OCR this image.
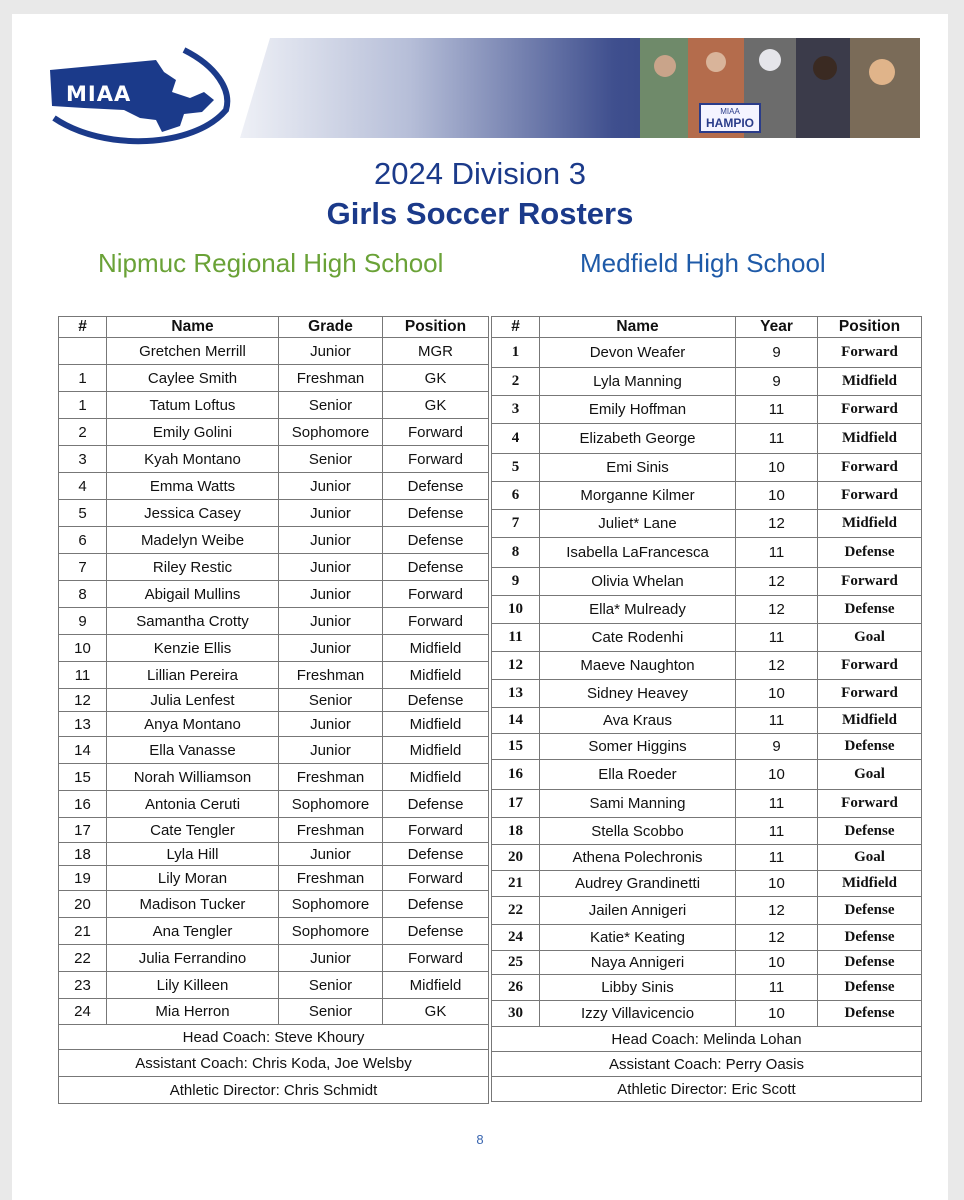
MIAA
MIAA
HAMPIO
2024 Division 3
Girls Soccer Rosters
Nipmuc Regional High School	Medfield High School
#	Name	Grade	Position
	Gretchen Merrill	Junior	MGR
1	Caylee Smith	Freshman	GK
1	Tatum Loftus	Senior	GK
2	Emily Golini	Sophomore	Forward
3	Kyah Montano	Senior	Forward
4	Emma Watts	Junior	Defense
5	Jessica Casey	Junior	Defense
6	Madelyn Weibe	Junior	Defense
7	Riley Restic	Junior	Defense
8	Abigail Mullins	Junior	Forward
9	Samantha Crotty	Junior	Forward
10	Kenzie Ellis	Junior	Midfield
11	Lillian Pereira	Freshman	Midfield
12	Julia Lenfest	Senior	Defense
13	Anya Montano	Junior	Midfield
14	Ella Vanasse	Junior	Midfield
15	Norah Williamson	Freshman	Midfield
16	Antonia Ceruti	Sophomore	Defense
17	Cate Tengler	Freshman	Forward
18	Lyla Hill	Junior	Defense
19	Lily Moran	Freshman	Forward
20	Madison Tucker	Sophomore	Defense
21	Ana Tengler	Sophomore	Defense
22	Julia Ferrandino	Junior	Forward
23	Lily Killeen	Senior	Midfield
24	Mia Herron	Senior	GK
Head Coach: Steve Khoury			
Assistant Coach: Chris Koda, Joe Welsby			
Athletic Director: Chris Schmidt			
#	Name	Year	Position
1	Devon Weafer	9	Forward
2	Lyla Manning	9	Midfield
3	Emily Hoffman	11	Forward
4	Elizabeth George	11	Midfield
5	Emi Sinis	10	Forward
6	Morganne Kilmer	10	Forward
7	Juliet* Lane	12	Midfield
8	Isabella LaFrancesca	11	Defense
9	Olivia Whelan	12	Forward
10	Ella* Mulready	12	Defense
11	Cate Rodenhi	11	Goal
12	Maeve Naughton	12	Forward
13	Sidney Heavey	10	Forward
14	Ava Kraus	11	Midfield
15	Somer Higgins	9	Defense
16	Ella Roeder	10	Goal
17	Sami Manning	11	Forward
18	Stella Scobbo	11	Defense
20	Athena Polechronis	11	Goal
21	Audrey Grandinetti	10	Midfield
22	Jailen Annigeri	12	Defense
24	Katie* Keating	12	Defense
25	Naya Annigeri	10	Defense
26	Libby Sinis	11	Defense
30	Izzy Villavicencio	10	Defense
Head Coach: Melinda Lohan			
Assistant Coach: Perry Oasis			
Athletic Director: Eric Scott			
8
